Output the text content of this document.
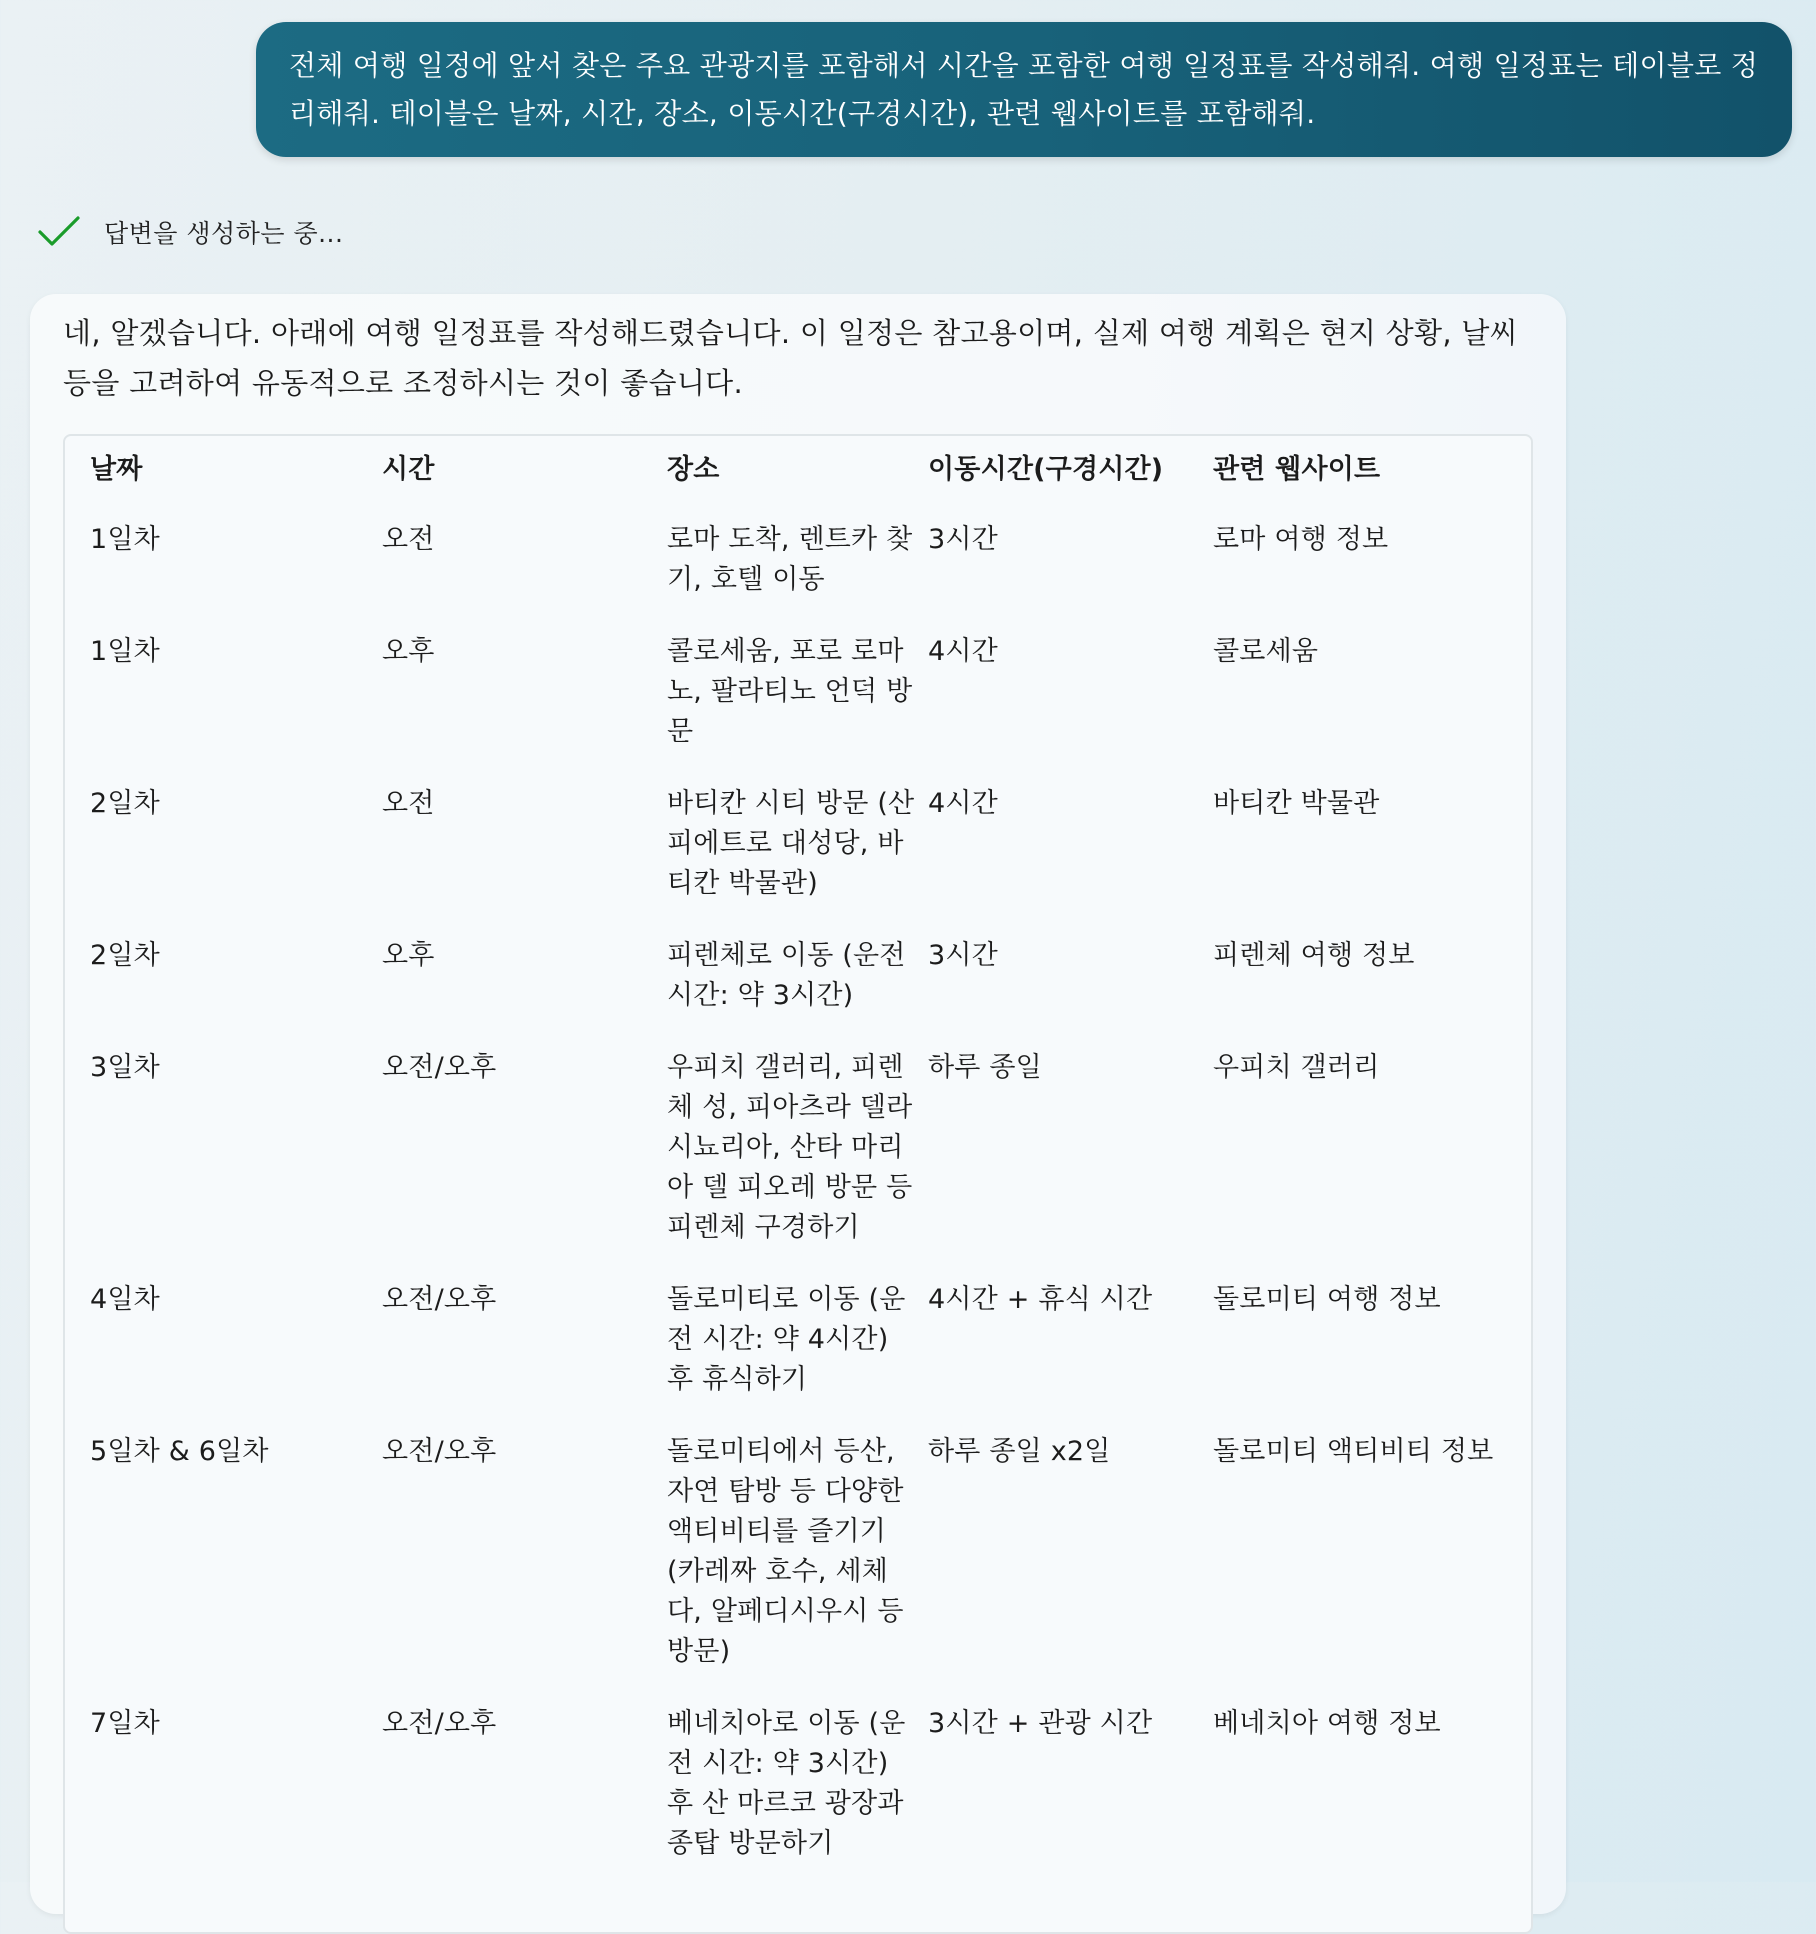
전체 여행 일정에 앞서 찾은 주요 관광지를 포함해서 시간을 포함한 여행 일정표를 작성해줘. 여행 일정표는 테이블로 정리해줘. 테이블은 날짜, 시간, 장소, 이동시간(구경시간), 관련 웹사이트를 포함해줘.
답변을 생성하는 중...
네, 알겠습니다. 아래에 여행 일정표를 작성해드렸습니다. 이 일정은 참고용이며, 실제 여행 계획은 현지 상황, 날씨 등을 고려하여 유동적으로 조정하시는 것이 좋습니다.
날짜	시간	장소	이동시간(구경시간)	관련 웹사이트
1일차	오전	로마 도착, 렌트카 찾기, 호텔 이동	3시간	로마 여행 정보
1일차	오후	콜로세움, 포로 로마노, 팔라티노 언덕 방문	4시간	콜로세움
2일차	오전	바티칸 시티 방문 (산 피에트로 대성당, 바티칸 박물관)	4시간	바티칸 박물관
2일차	오후	피렌체로 이동 (운전 시간: 약 3시간)	3시간	피렌체 여행 정보
3일차	오전/오후	우피치 갤러리, 피렌체 성, 피아츠라 델라 시뇨리아, 산타 마리아 델 피오레 방문 등 피렌체 구경하기	하루 종일	우피치 갤러리
4일차	오전/오후	돌로미티로 이동 (운전 시간: 약 4시간) 후 휴식하기	4시간 + 휴식 시간	돌로미티 여행 정보
5일차 & 6일차	오전/오후	돌로미티에서 등산, 자연 탐방 등 다양한 액티비티를 즐기기 (카레짜 호수, 세체다, 알페디시우시 등 방문)	하루 종일 x2일	돌로미티 액티비티 정보
7일차	오전/오후	베네치아로 이동 (운전 시간: 약 3시간) 후 산 마르코 광장과 종탑 방문하기	3시간 + 관광 시간	베네치아 여행 정보
